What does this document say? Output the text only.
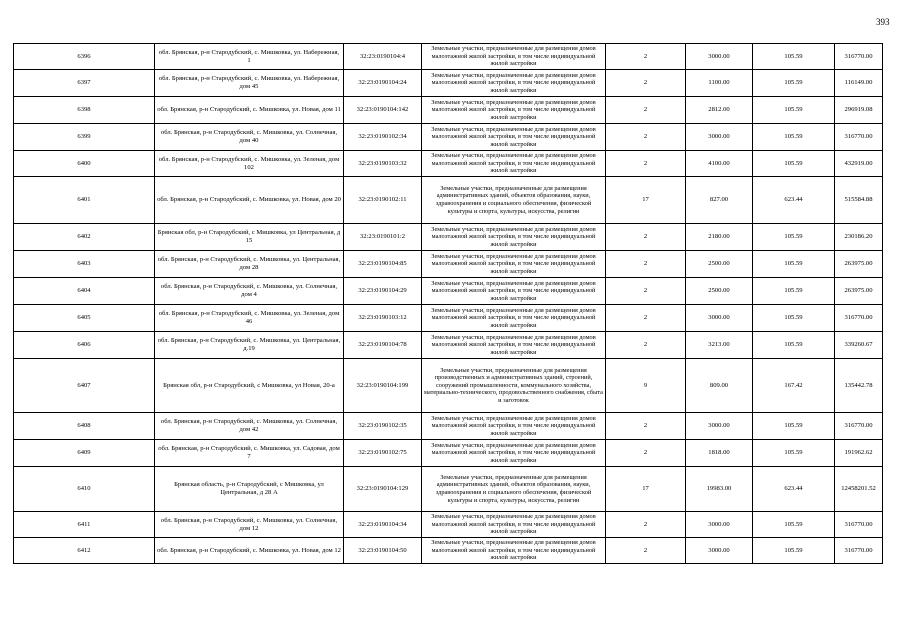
393
6396	обл. Брянская, р-н Стародубский, с. Мишковка, ул. Набережная, 1	32:23:0190104:4	Земельные участки, предназначенные для размещения домов малоэтажной жилой застройки, в том числе индивидуальной жилой застройки	2	3000.00	105.59	316770.00
6397	обл. Брянская, р-н Стародубский, с. Мишковка, ул. Набережная, дом 45	32:23:0190104:24	Земельные участки, предназначенные для размещения домов малоэтажной жилой застройки, в том числе индивидуальной жилой застройки	2	1100.00	105.59	116149.00
6398	обл. Брянская, р-н Стародубский, с. Мишковка, ул. Новая, дом 11	32:23:0190104:142	Земельные участки, предназначенные для размещения домов малоэтажной жилой застройки, в том числе индивидуальной жилой застройки	2	2812.00	105.59	296919.08
6399	обл. Брянская, р-н Стародубский, с. Мишковка, ул. Солнечная, дом 40	32:23:0190102:34	Земельные участки, предназначенные для размещения домов малоэтажной жилой застройки, в том числе индивидуальной жилой застройки	2	3000.00	105.59	316770.00
6400	обл. Брянская, р-н Стародубский, с. Мишковка, ул. Зеленая, дом 102	32:23:0190103:32	Земельные участки, предназначенные для размещения домов малоэтажной жилой застройки, в том числе индивидуальной жилой застройки	2	4100.00	105.59	432919.00
6401	обл. Брянская, р-н Стародубский, с. Мишковка, ул. Новая, дом 20	32:23:0190102:11	Земельные участки, предназначенные для размещения административных зданий, объектов образования, науки, здравоохранения и социального обеспечения, физической культуры и спорта, культуры, искусства, религии	17	827.00	623.44	515584.88
6402	Брянская обл, р-н Стародубский, с Мишковка, ул Центральная, д 15	32:23:0190101:2	Земельные участки, предназначенные для размещения домов малоэтажной жилой застройки, в том числе индивидуальной жилой застройки	2	2180.00	105.59	230186.20
6403	обл. Брянская, р-н Стародубский, с. Мишковка, ул. Центральная, дом 28	32:23:0190104:85	Земельные участки, предназначенные для размещения домов малоэтажной жилой застройки, в том числе индивидуальной жилой застройки	2	2500.00	105.59	263975.00
6404	обл. Брянская, р-н Стародубский, с. Мишковка, ул. Солнечная, дом 4	32:23:0190104:29	Земельные участки, предназначенные для размещения домов малоэтажной жилой застройки, в том числе индивидуальной жилой застройки	2	2500.00	105.59	263975.00
6405	обл. Брянская, р-н Стародубский, с. Мишковка, ул. Зеленая, дом 46	32:23:0190103:12	Земельные участки, предназначенные для размещения домов малоэтажной жилой застройки, в том числе индивидуальной жилой застройки	2	3000.00	105.59	316770.00
6406	обл. Брянская, р-н Стародубский, с. Мишковка, ул. Центральная, д.19	32:23:0190104:78	Земельные участки, предназначенные для размещения домов малоэтажной жилой застройки, в том числе индивидуальной жилой застройки	2	3213.00	105.59	339260.67
6407	Брянская обл, р-н Стародубский, с Мишковка, ул Новая, 20-а	32:23:0190104:199	Земельные участки, предназначенные для размещения производственных и административных зданий, строений, сооружений промышленности, коммунального хозяйства, материально-технического, продовольственного снабжения, сбыта и заготовок	9	809.00	167.42	135442.78
6408	обл. Брянская, р-н Стародубский, с. Мишковка, ул. Солнечная, дом 42	32:23:0190102:35	Земельные участки, предназначенные для размещения домов малоэтажной жилой застройки, в том числе индивидуальной жилой застройки	2	3000.00	105.59	316770.00
6409	обл. Брянская, р-н Стародубский, с. Мишковка, ул. Садовая, дом 7	32:23:0190102:75	Земельные участки, предназначенные для размещения домов малоэтажной жилой застройки, в том числе индивидуальной жилой застройки	2	1818.00	105.59	191962.62
6410	Брянская область, р-н Стародубский, с Мишковка, ул Центральная, д 28 А	32:23:0190104:129	Земельные участки, предназначенные для размещения административных зданий, объектов образования, науки, здравоохранения и социального обеспечения, физической культуры и спорта, культуры, искусства, религии	17	19983.00	623.44	12458201.52
6411	обл. Брянская, р-н Стародубский, с. Мишковка, ул. Солнечная, дом 12	32:23:0190104:34	Земельные участки, предназначенные для размещения домов малоэтажной жилой застройки, в том числе индивидуальной жилой застройки	2	3000.00	105.59	316770.00
6412	обл. Брянская, р-н Стародубский, с. Мишковка, ул. Новая, дом 12	32:23:0190104:50	Земельные участки, предназначенные для размещения домов малоэтажной жилой застройки, в том числе индивидуальной жилой застройки	2	3000.00	105.59	316770.00
